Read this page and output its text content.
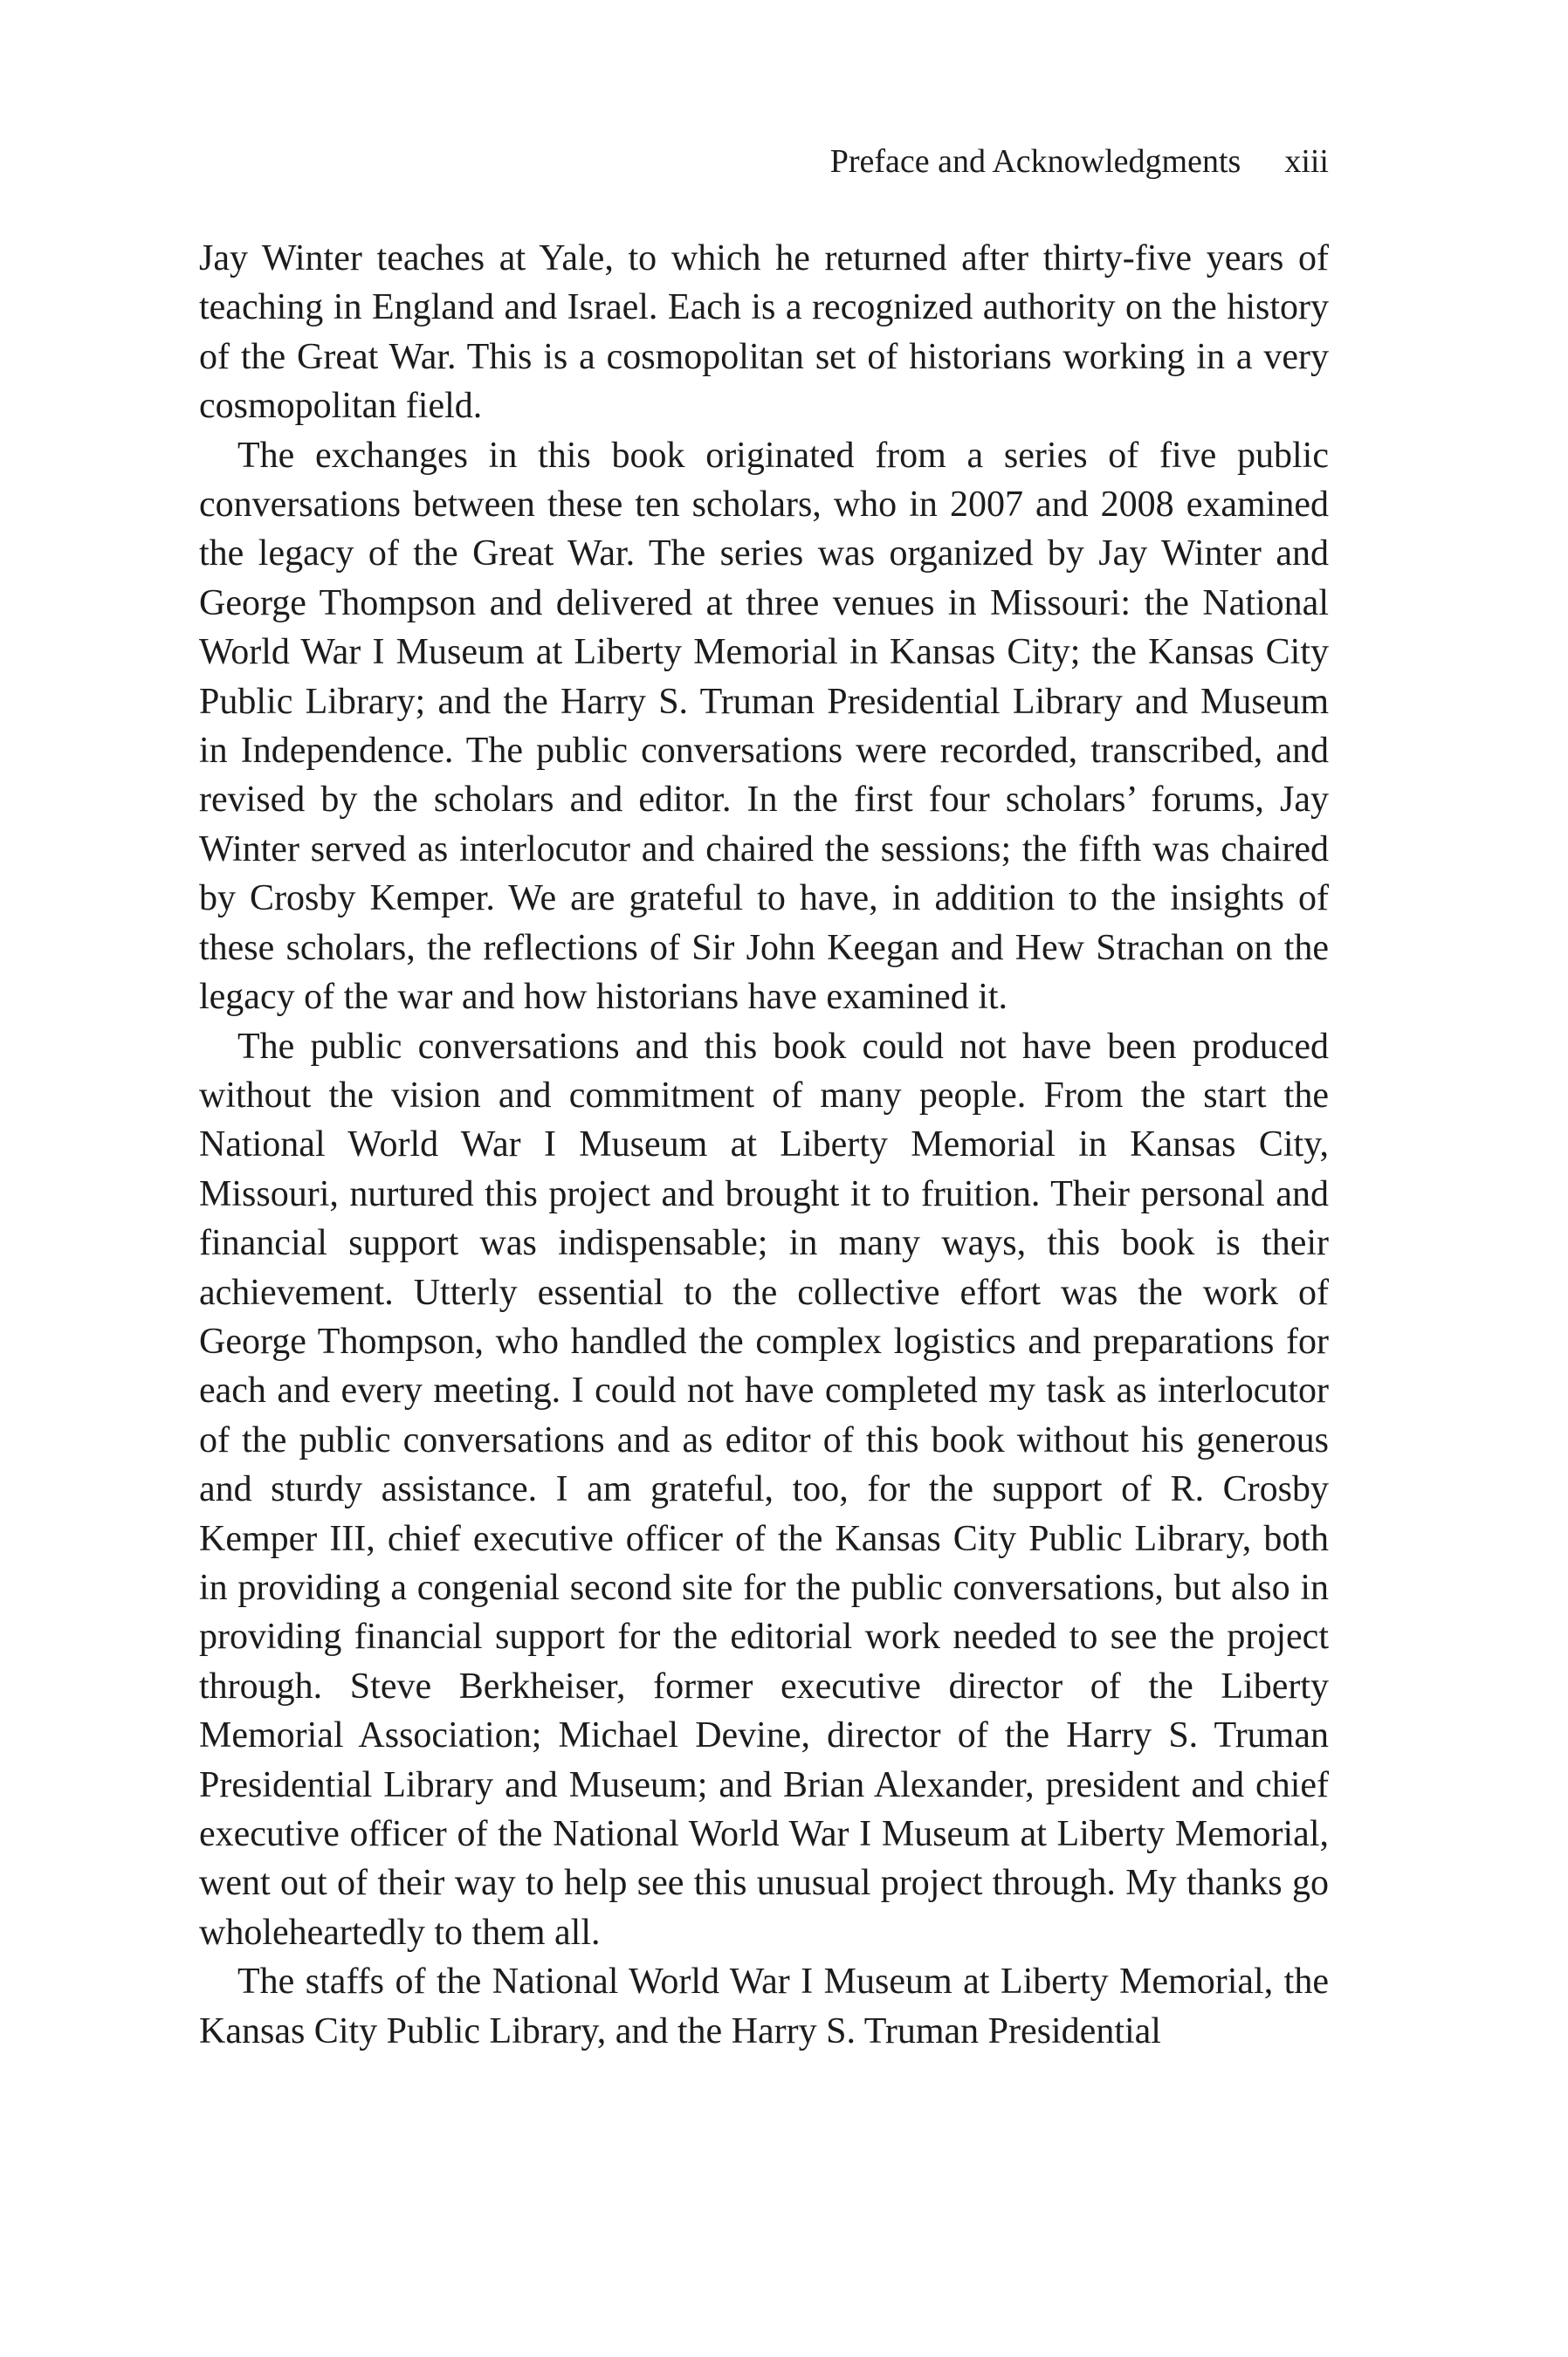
Preface and Acknowledgments xiii

Jay Winter teaches at Yale, to which he returned after thirty-five years of teaching in England and Israel. Each is a recognized authority on the history of the Great War. This is a cosmopolitan set of historians working in a very cosmopolitan field.

The exchanges in this book originated from a series of five public conversations between these ten scholars, who in 2007 and 2008 examined the legacy of the Great War. The series was organized by Jay Winter and George Thompson and delivered at three venues in Missouri: the National World War I Museum at Liberty Memorial in Kansas City; the Kansas City Public Library; and the Harry S. Truman Presidential Library and Museum in Independence. The public conversations were recorded, transcribed, and revised by the scholars and editor. In the first four scholars’ forums, Jay Winter served as interlocutor and chaired the sessions; the fifth was chaired by Crosby Kemper. We are grateful to have, in addition to the insights of these scholars, the reflections of Sir John Keegan and Hew Strachan on the legacy of the war and how historians have examined it.

The public conversations and this book could not have been produced without the vision and commitment of many people. From the start the National World War I Museum at Liberty Memorial in Kansas City, Missouri, nurtured this project and brought it to fruition. Their personal and financial support was indispensable; in many ways, this book is their achievement. Utterly essential to the collective effort was the work of George Thompson, who handled the complex logistics and preparations for each and every meeting. I could not have completed my task as interlocutor of the public conversations and as editor of this book without his generous and sturdy assistance. I am grateful, too, for the support of R. Crosby Kemper III, chief executive officer of the Kansas City Public Library, both in providing a congenial second site for the public conversations, but also in providing financial support for the editorial work needed to see the project through. Steve Berkheiser, former executive director of the Liberty Memorial Association; Michael Devine, director of the Harry S. Truman Presidential Library and Museum; and Brian Alexander, president and chief executive officer of the National World War I Museum at Liberty Memorial, went out of their way to help see this unusual project through. My thanks go wholeheartedly to them all.

The staffs of the National World War I Museum at Liberty Memorial, the Kansas City Public Library, and the Harry S. Truman Presidential
